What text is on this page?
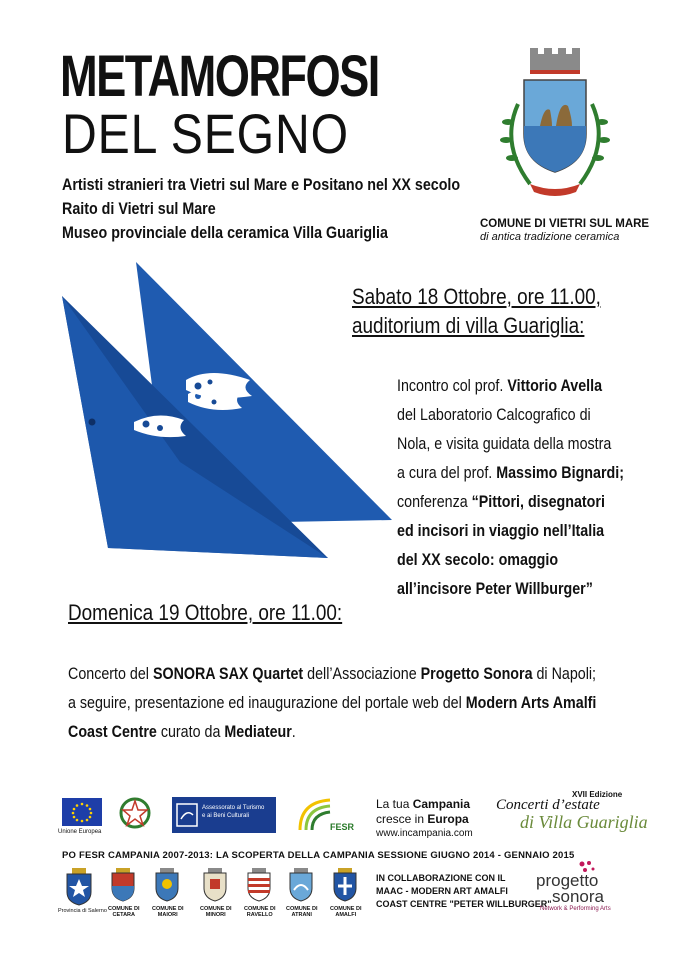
METAMORFOSI
DEL SEGNO
Artisti stranieri tra Vietri sul Mare e Positano nel XX secolo
Raito di Vietri sul Mare
Museo provinciale della ceramica Villa Guariglia	COMUNE DI VIETRI SUL MARE
di antica tradizione ceramica
Sabato 18 Ottobre, ore 11.00,
auditorium di villa Guariglia:
Incontro col prof. Vittorio Avella
del Laboratorio Calcografico di
Nola, e visita guidata della mostra
a cura del prof. Massimo Bignardi;
conferenza “Pittori, disegnatori
ed incisori in viaggio nell’Italia
del XX secolo: omaggio
all’incisore Peter Willburger”
Domenica 19 Ottobre, ore 11.00:
Concerto del SONORA SAX Quartet dell’Associazione Progetto Sonora di Napoli;
a seguire, presentazione ed inaugurazione del portale web del Modern Arts Amalfi
Coast Centre curato da Mediateur.
Unione Europea
Assessorato al Turismo
e ai Beni Culturali
FESR
La tua Campania
cresce in Europa
www.incampania.com
XVII Edizione
Concerti d’estate
di Villa Guariglia
PO FESR CAMPANIA 2007-2013: LA SCOPERTA DELLA CAMPANIA SESSIONE GIUGNO 2014 - GENNAIO 2015
Provincia di Salerno COMUNE DI
CETARA
COMUNE DI
MAIORI
COMUNE DI
MINORI
COMUNE DI
RAVELLO
COMUNE DI
ATRANI
COMUNE DI
AMALFI
IN COLLABORAZIONE CON IL
MAAC - MODERN ART AMALFI
COAST CENTRE "PETER WILLBURGER"
progetto
sonora
Network & Performing Arts
